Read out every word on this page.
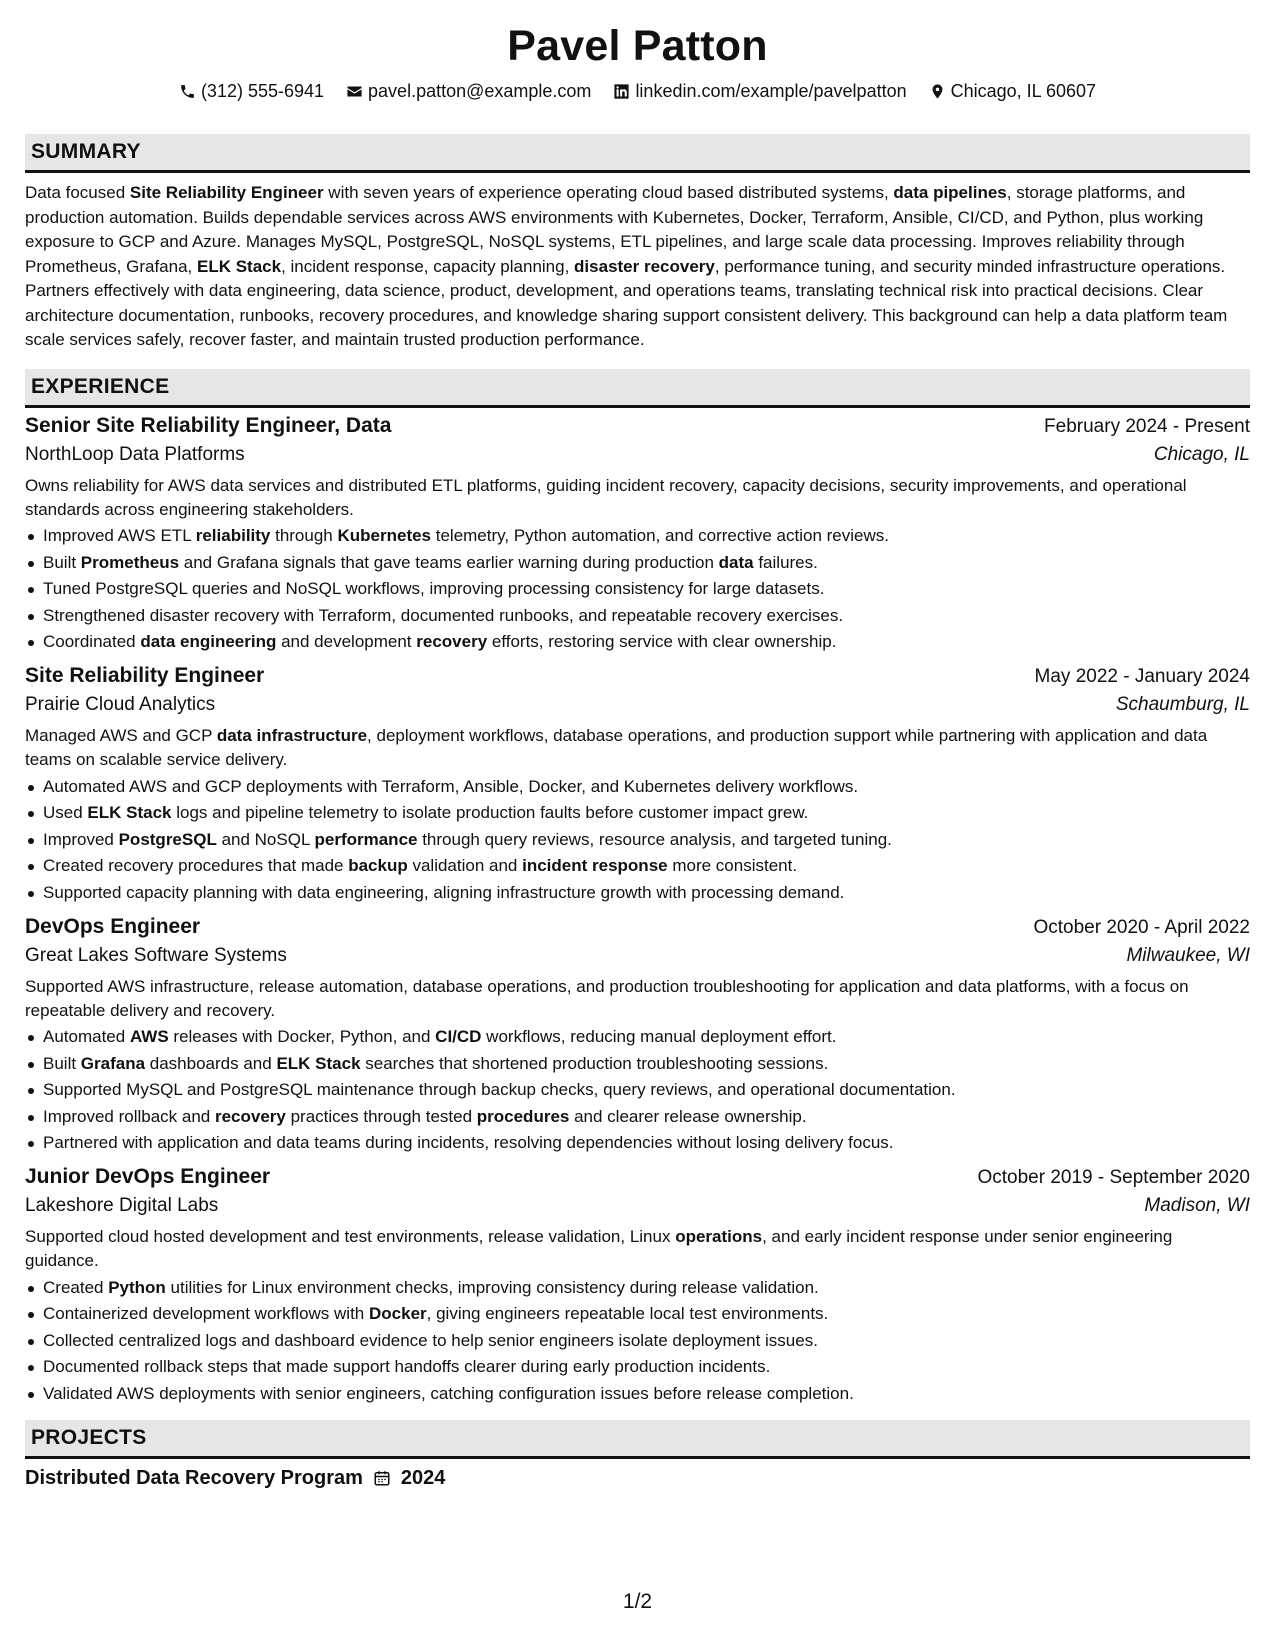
Pavel Patton
(312) 555-6941 pavel.patton@example.com linkedin.com/example/pavelpatton Chicago, IL 60607
SUMMARY
Data focused Site Reliability Engineer with seven years of experience operating cloud based distributed systems, data pipelines, storage platforms, and production automation. Builds dependable services across AWS environments with Kubernetes, Docker, Terraform, Ansible, CI/CD, and Python, plus working exposure to GCP and Azure. Manages MySQL, PostgreSQL, NoSQL systems, ETL pipelines, and large scale data processing. Improves reliability through Prometheus, Grafana, ELK Stack, incident response, capacity planning, disaster recovery, performance tuning, and security minded infrastructure operations. Partners effectively with data engineering, data science, product, development, and operations teams, translating technical risk into practical decisions. Clear architecture documentation, runbooks, recovery procedures, and knowledge sharing support consistent delivery. This background can help a data platform team scale services safely, recover faster, and maintain trusted production performance.
EXPERIENCE
Senior Site Reliability Engineer, Data	February 2024 - Present
NorthLoop Data Platforms	Chicago, IL
Owns reliability for AWS data services and distributed ETL platforms, guiding incident recovery, capacity decisions, security improvements, and operational standards across engineering stakeholders.
Improved AWS ETL reliability through Kubernetes telemetry, Python automation, and corrective action reviews.
Built Prometheus and Grafana signals that gave teams earlier warning during production data failures.
Tuned PostgreSQL queries and NoSQL workflows, improving processing consistency for large datasets.
Strengthened disaster recovery with Terraform, documented runbooks, and repeatable recovery exercises.
Coordinated data engineering and development recovery efforts, restoring service with clear ownership.
Site Reliability Engineer	May 2022 - January 2024
Prairie Cloud Analytics	Schaumburg, IL
Managed AWS and GCP data infrastructure, deployment workflows, database operations, and production support while partnering with application and data teams on scalable service delivery.
Automated AWS and GCP deployments with Terraform, Ansible, Docker, and Kubernetes delivery workflows.
Used ELK Stack logs and pipeline telemetry to isolate production faults before customer impact grew.
Improved PostgreSQL and NoSQL performance through query reviews, resource analysis, and targeted tuning.
Created recovery procedures that made backup validation and incident response more consistent.
Supported capacity planning with data engineering, aligning infrastructure growth with processing demand.
DevOps Engineer	October 2020 - April 2022
Great Lakes Software Systems	Milwaukee, WI
Supported AWS infrastructure, release automation, database operations, and production troubleshooting for application and data platforms, with a focus on repeatable delivery and recovery.
Automated AWS releases with Docker, Python, and CI/CD workflows, reducing manual deployment effort.
Built Grafana dashboards and ELK Stack searches that shortened production troubleshooting sessions.
Supported MySQL and PostgreSQL maintenance through backup checks, query reviews, and operational documentation.
Improved rollback and recovery practices through tested procedures and clearer release ownership.
Partnered with application and data teams during incidents, resolving dependencies without losing delivery focus.
Junior DevOps Engineer	October 2019 - September 2020
Lakeshore Digital Labs	Madison, WI
Supported cloud hosted development and test environments, release validation, Linux operations, and early incident response under senior engineering guidance.
Created Python utilities for Linux environment checks, improving consistency during release validation.
Containerized development workflows with Docker, giving engineers repeatable local test environments.
Collected centralized logs and dashboard evidence to help senior engineers isolate deployment issues.
Documented rollback steps that made support handoffs clearer during early production incidents.
Validated AWS deployments with senior engineers, catching configuration issues before release completion.
PROJECTS
Distributed Data Recovery Program 2024
1/2
